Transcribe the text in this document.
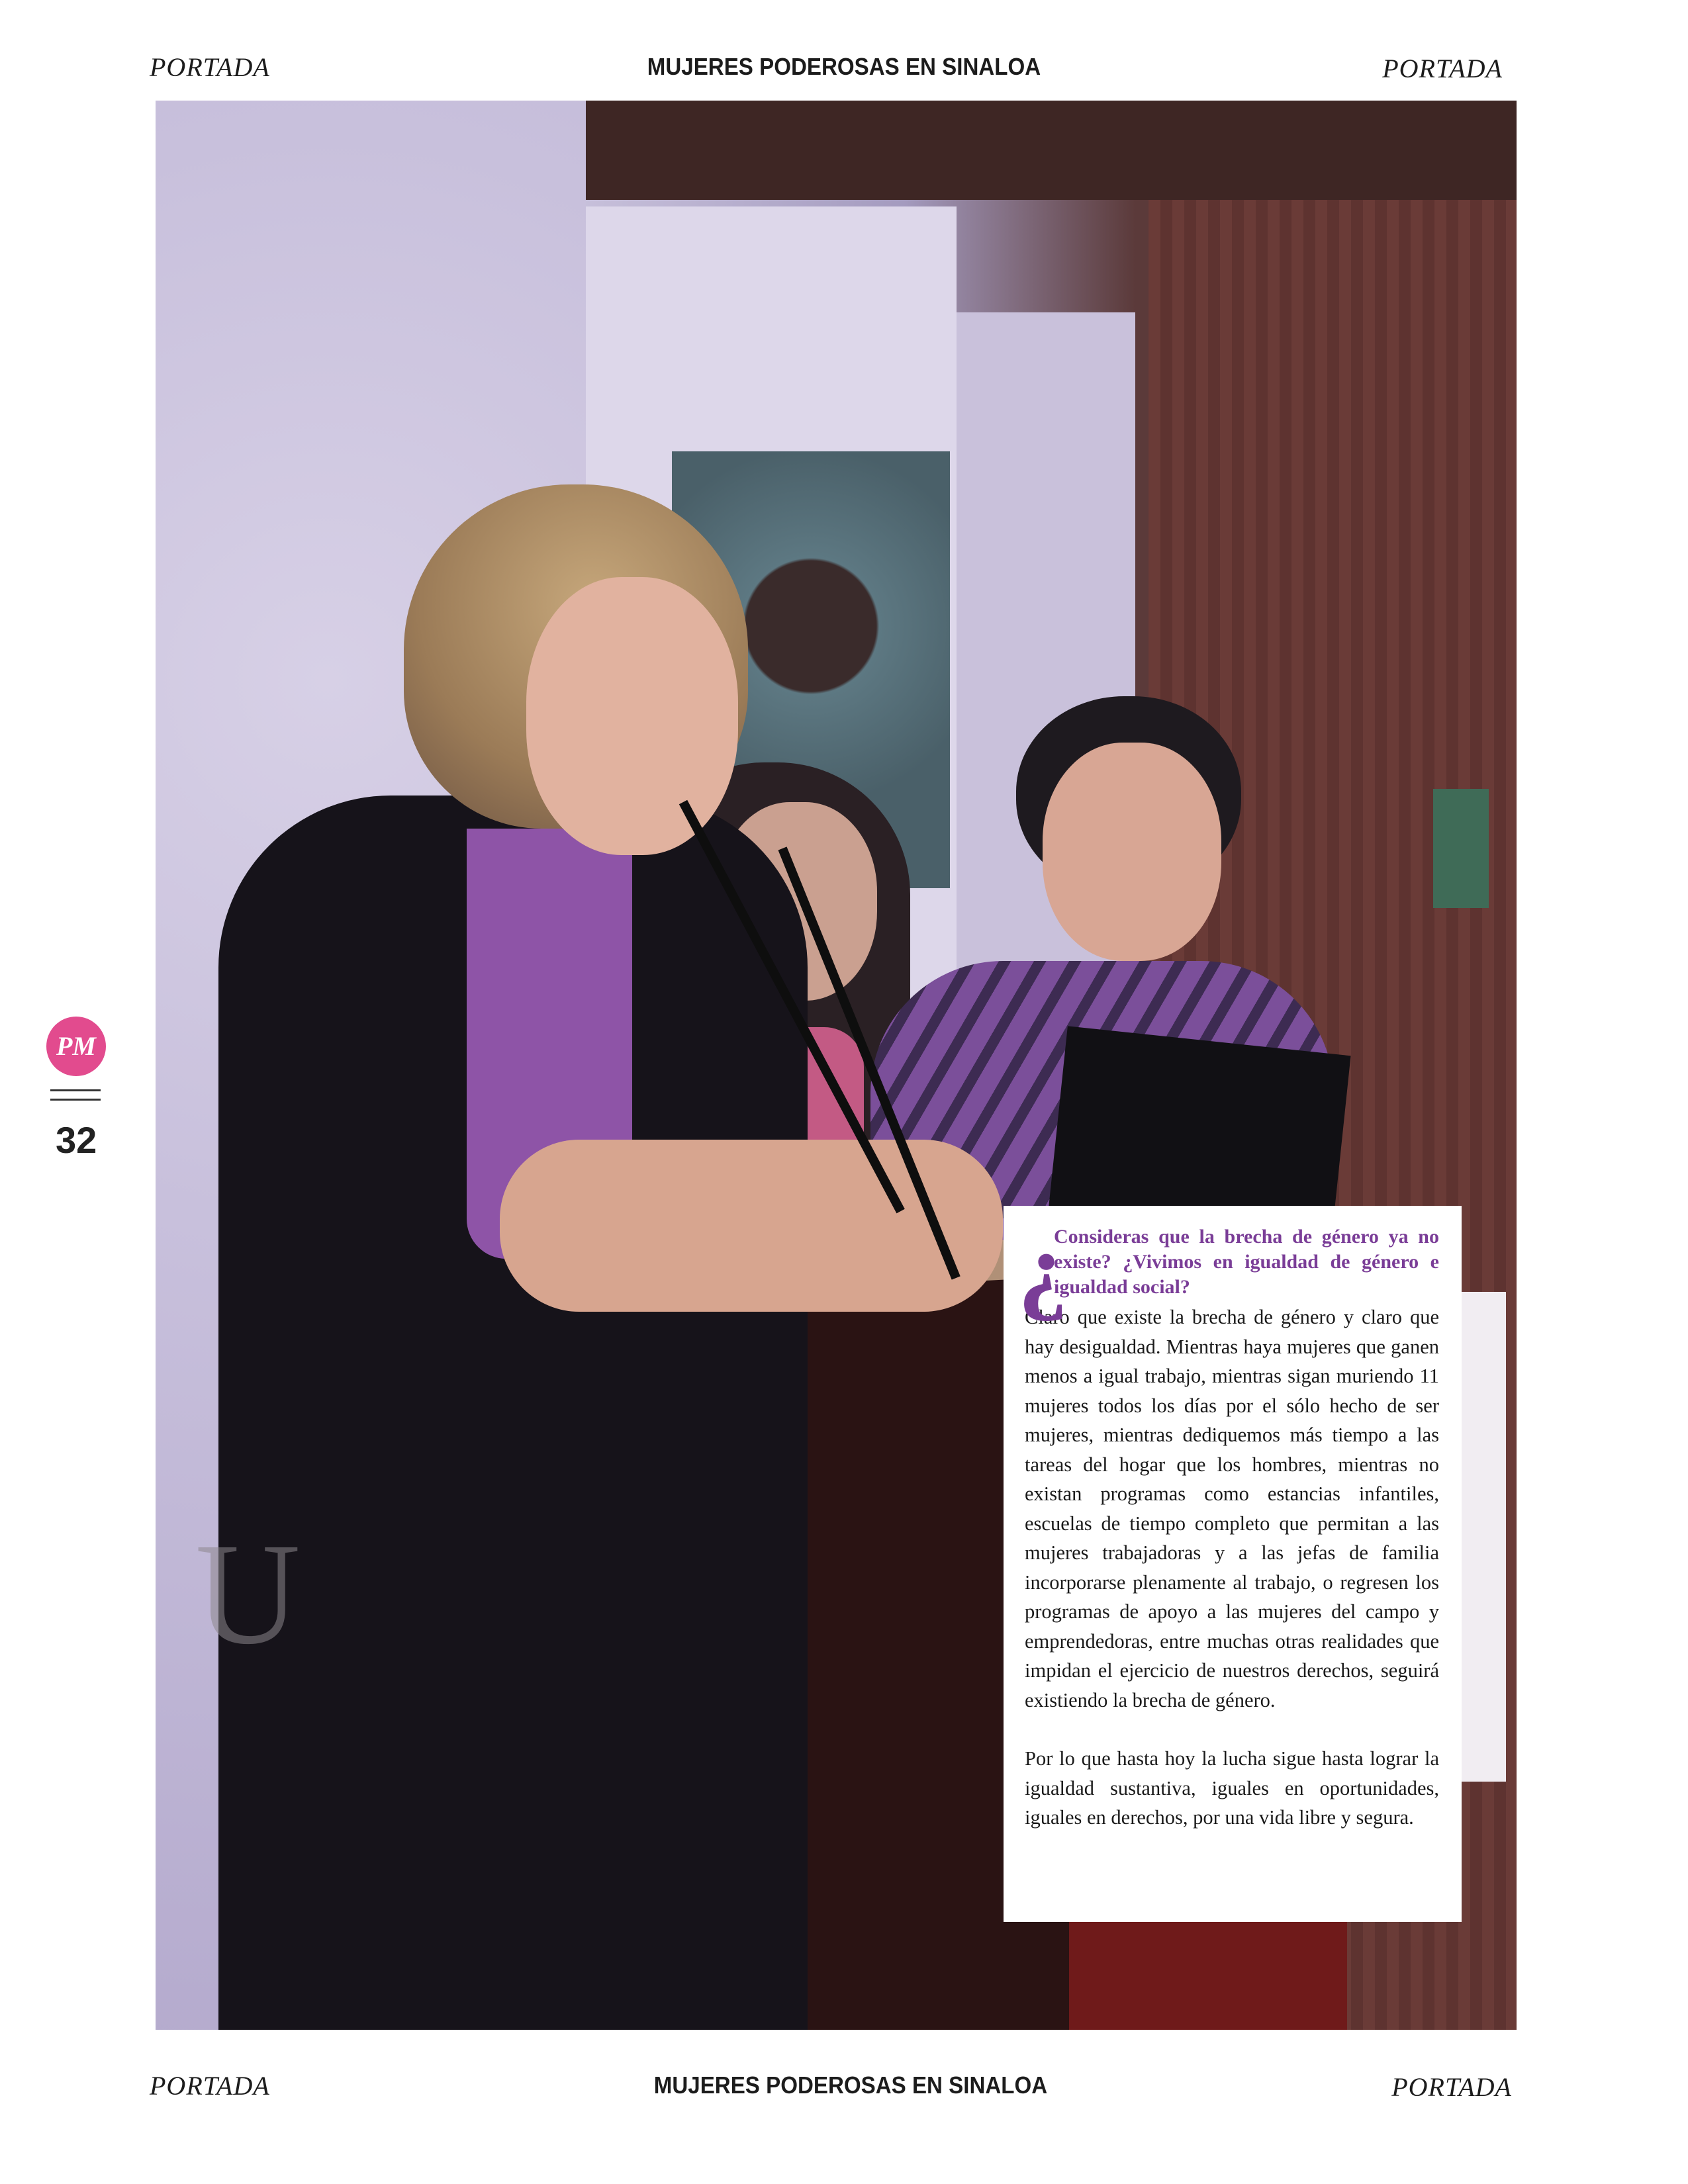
PORTADA	MUJERES PODEROSAS EN SINALOA	PORTADA
U
PM
32
¿
Consideras que la brecha de género ya no existe? ¿Vivimos en igualdad de género e igualdad social?

Claro que existe la brecha de género y claro que hay desigualdad. Mientras haya mujeres que ganen menos a igual trabajo, mientras sigan muriendo 11 mujeres todos los días por el sólo hecho de ser mujeres, mientras dediquemos más tiempo a las tareas del hogar que los hombres, mientras no existan programas como estancias infantiles, escuelas de tiempo completo que permitan a las mujeres trabajadoras y a las jefas de familia incorporarse plenamente al trabajo, o regresen los programas de apoyo a las mujeres del campo y emprendedoras, entre muchas otras realidades que impidan el ejercicio de nuestros derechos, seguirá existiendo la brecha de género.

Por lo que hasta hoy la lucha sigue hasta lograr la igualdad sustantiva, iguales en oportunidades, iguales en derechos, por una vida libre y segura.

PORTADA	MUJERES PODEROSAS EN SINALOA	PORTADA
